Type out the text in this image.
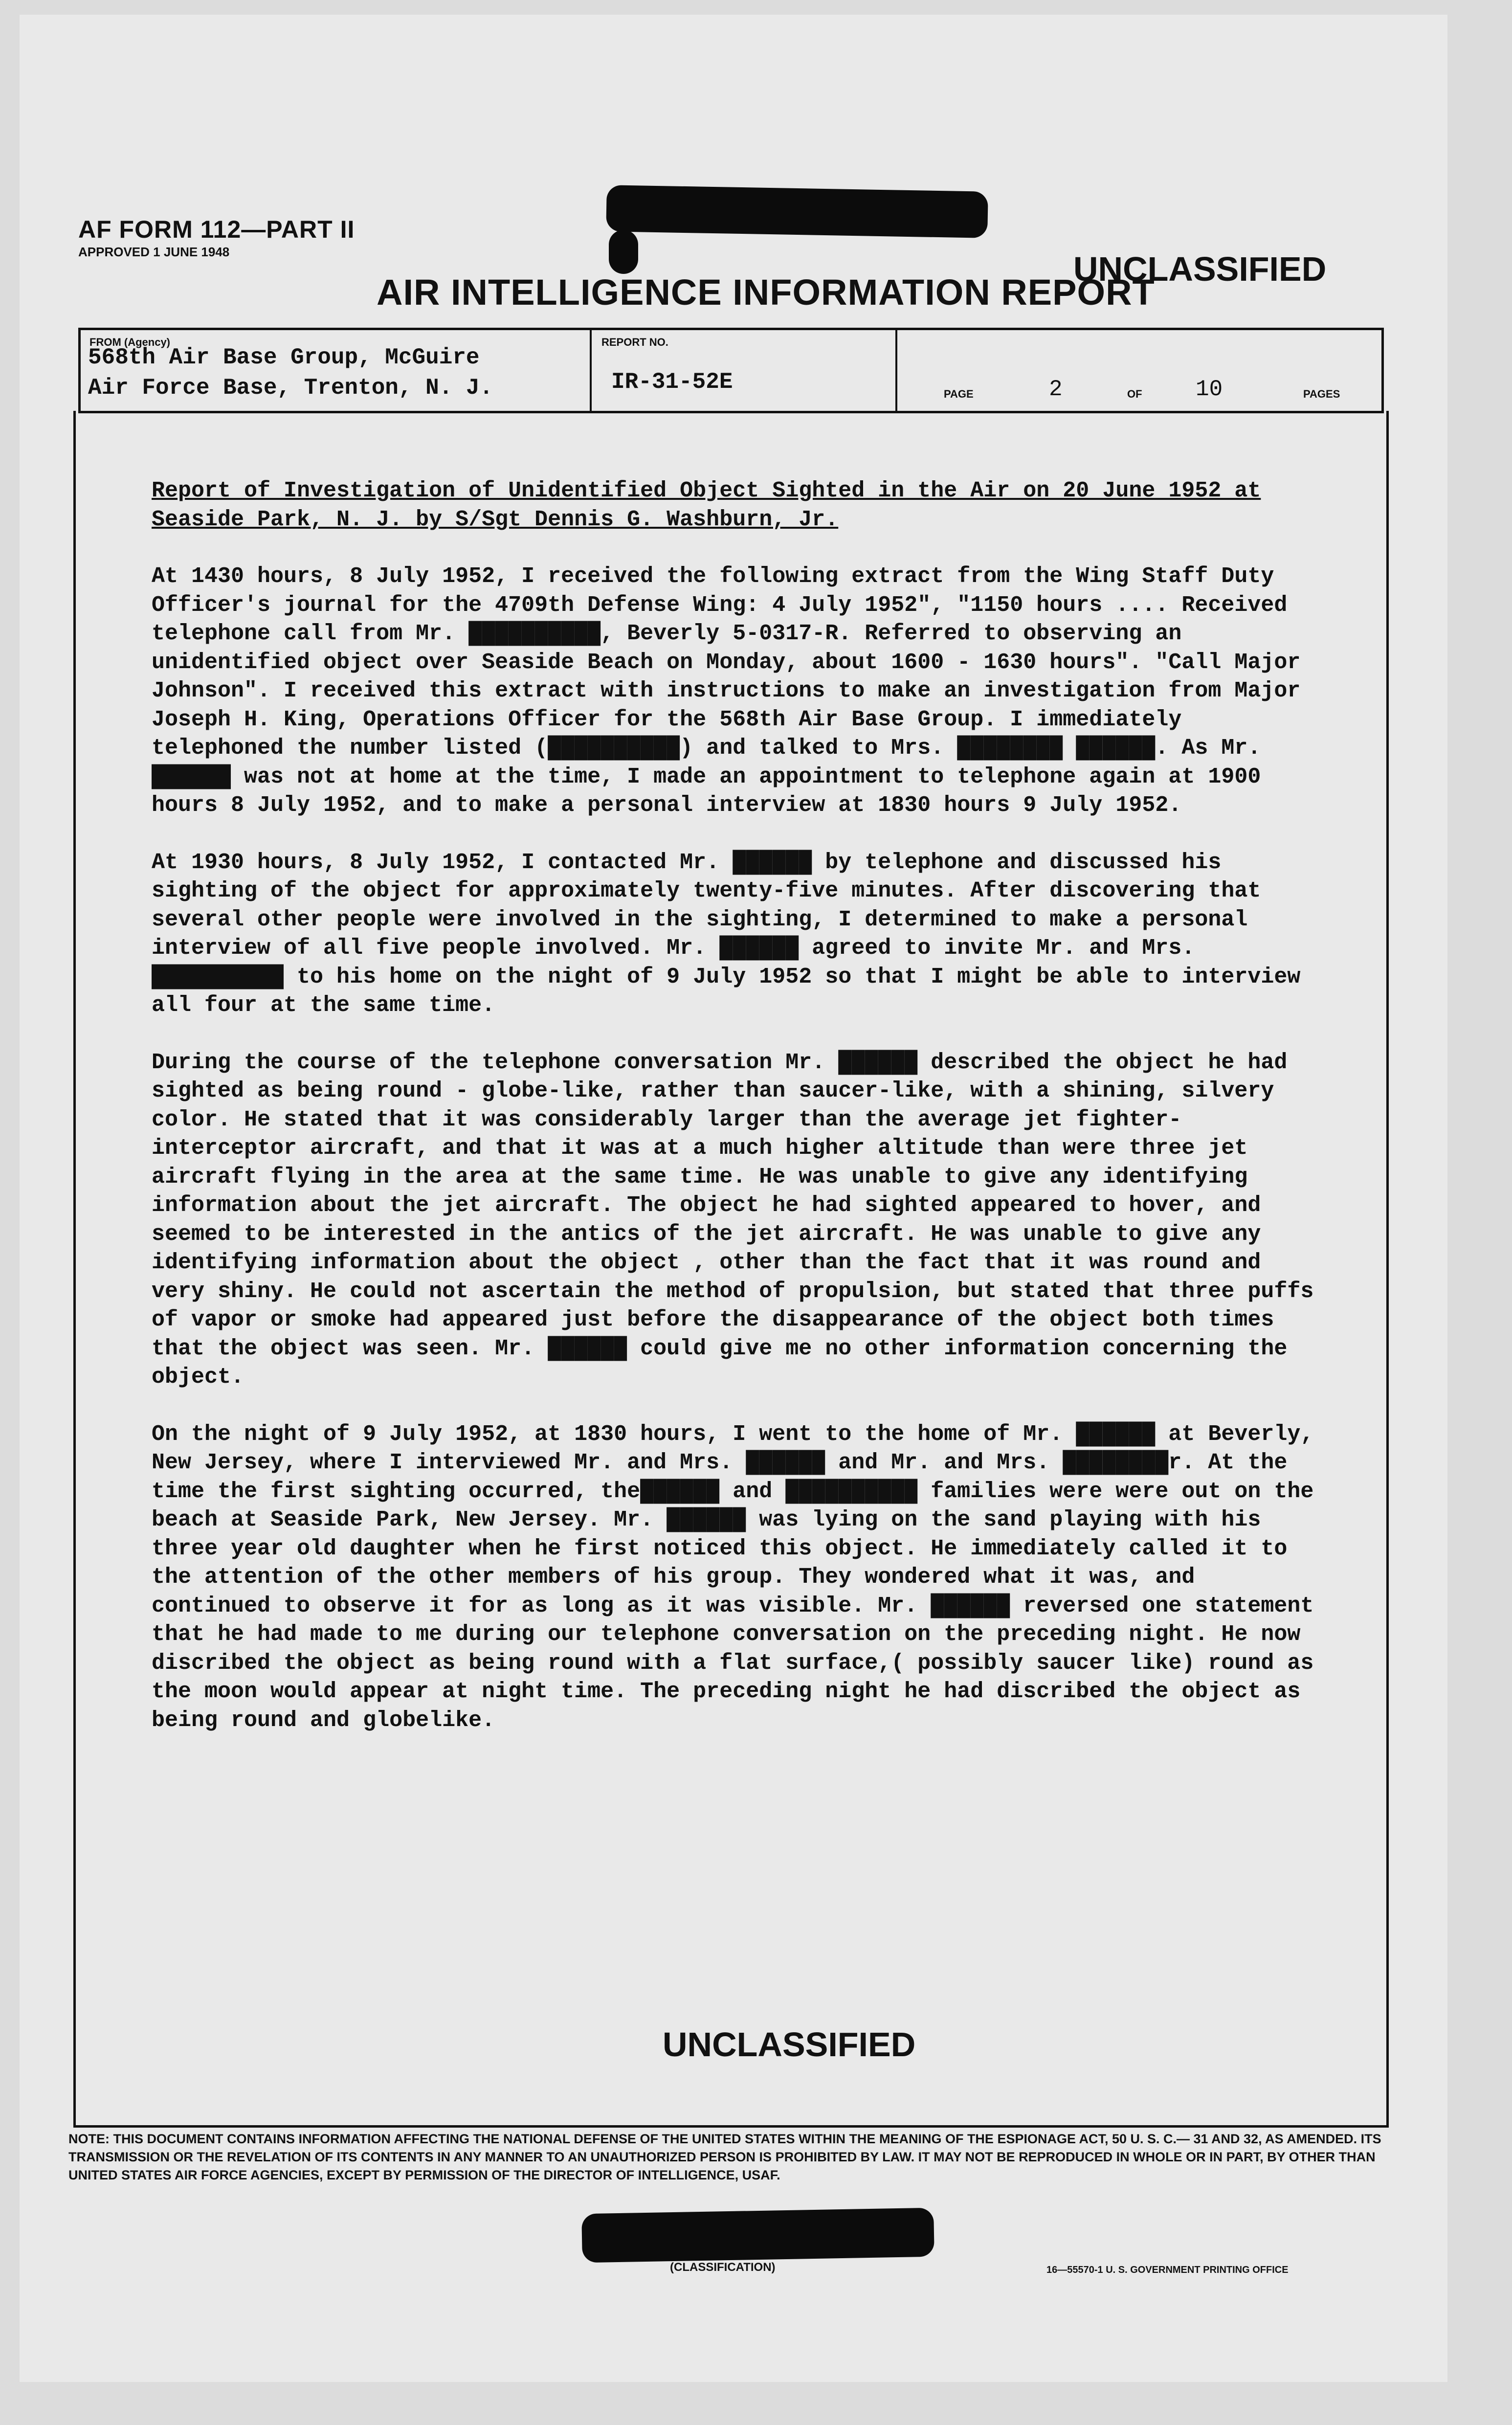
AF FORM 112—PART II
APPROVED 1 JUNE 1948
AIR INTELLIGENCE INFORMATION REPORT
UNCLASSIFIED
FROM (Agency)
568th Air Base Group, McGuire
Air Force Base, Trenton, N. J.
REPORT NO.
IR-31-52E	PAGE	2	OF 10	PAGES

Report of Investigation of Unidentified Object Sighted in the Air on 20 June 1952 at Seaside Park, N. J. by S/Sgt Dennis G. Washburn, Jr.

At 1430 hours, 8 July 1952, I received the following extract from the Wing Staff Duty Officer's journal for the 4709th Defense Wing: 4 July 1952", "1150 hours .... Received telephone call from Mr. ██████████, Beverly 5-0317-R. Referred to observing an unidentified object over Seaside Beach on Monday, about 1600 - 1630 hours". "Call Major Johnson". I received this extract with instructions to make an investigation from Major Joseph H. King, Operations Officer for the 568th Air Base Group. I immediately telephoned the number listed (██████████) and talked to Mrs. ████████ ██████. As Mr. ██████ was not at home at the time, I made an appointment to telephone again at 1900 hours 8 July 1952, and to make a personal interview at 1830 hours 9 July 1952.

At 1930 hours, 8 July 1952, I contacted Mr. ██████ by telephone and discussed his sighting of the object for approximately twenty-five minutes. After discovering that several other people were involved in the sighting, I determined to make a personal interview of all five people involved. Mr. ██████ agreed to invite Mr. and Mrs. ██████████ to his home on the night of 9 July 1952 so that I might be able to interview all four at the same time.

During the course of the telephone conversation Mr. ██████ described the object he had sighted as being round - globe-like, rather than saucer-like, with a shining, silvery color. He stated that it was considerably larger than the average jet fighter-interceptor aircraft, and that it was at a much higher altitude than were three jet aircraft flying in the area at the same time. He was unable to give any identifying information about the jet aircraft. The object he had sighted appeared to hover, and seemed to be interested in the antics of the jet aircraft. He was unable to give any identifying information about the object , other than the fact that it was round and very shiny. He could not ascertain the method of propulsion, but stated that three puffs of vapor or smoke had appeared just before the disappearance of the object both times that the object was seen. Mr. ██████ could give me no other information concerning the object.

On the night of 9 July 1952, at 1830 hours, I went to the home of Mr. ██████ at Beverly, New Jersey, where I interviewed Mr. and Mrs. ██████ and Mr. and Mrs. ████████r. At the time the first sighting occurred, the██████ and ██████████ families were were out on the beach at Seaside Park, New Jersey. Mr. ██████ was lying on the sand playing with his three year old daughter when he first noticed this object. He immediately called it to the attention of the other members of his group. They wondered what it was, and continued to observe it for as long as it was visible. Mr. ██████ reversed one statement that he had made to me during our telephone conversation on the preceding night. He now discribed the object as being round with a flat surface,( possibly saucer like) round as the moon would appear at night time. The preceding night he had discribed the object as being round and globelike.

UNCLASSIFIED
NOTE: THIS DOCUMENT CONTAINS INFORMATION AFFECTING THE NATIONAL DEFENSE OF THE UNITED STATES WITHIN THE MEANING OF THE ESPIONAGE ACT, 50 U. S. C.— 31 AND 32, AS AMENDED. ITS TRANSMISSION OR THE REVELATION OF ITS CONTENTS IN ANY MANNER TO AN UNAUTHORIZED PERSON IS PROHIBITED BY LAW. IT MAY NOT BE REPRODUCED IN WHOLE OR IN PART, BY OTHER THAN UNITED STATES AIR FORCE AGENCIES, EXCEPT BY PERMISSION OF THE DIRECTOR OF INTELLIGENCE, USAF.
(CLASSIFICATION)	16—55570-1 U. S. GOVERNMENT PRINTING OFFICE
